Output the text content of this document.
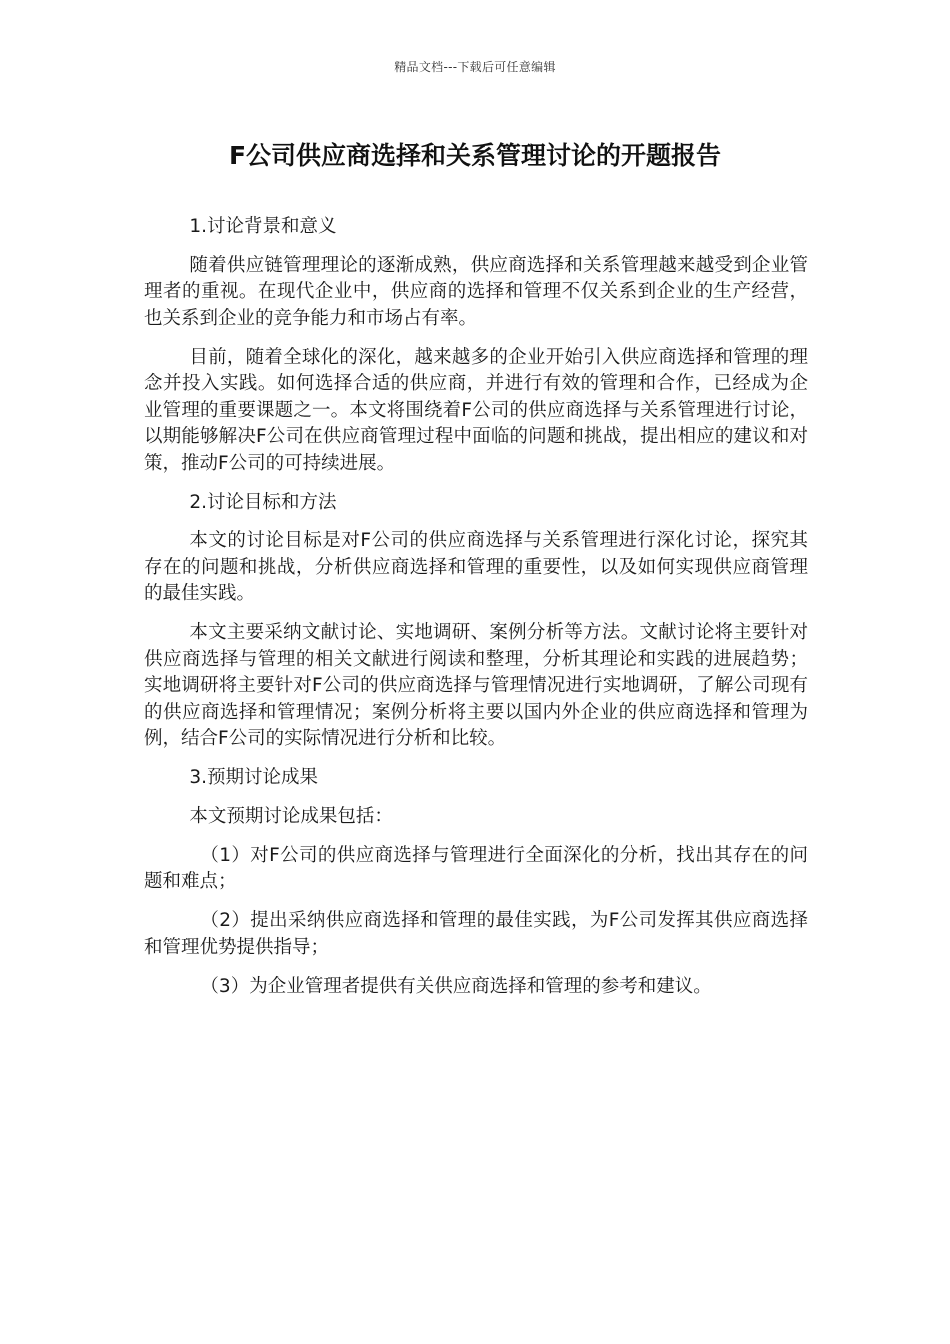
精品文档---下载后可任意编辑
F公司供应商选择和关系管理讨论的开题报告

1.讨论背景和意义

随着供应链管理理论的逐渐成熟，供应商选择和关系管理越来越受到企业管理者的重视。在现代企业中，供应商的选择和管理不仅关系到企业的生产经营，也关系到企业的竞争能力和市场占有率。

目前，随着全球化的深化，越来越多的企业开始引入供应商选择和管理的理念并投入实践。如何选择合适的供应商，并进行有效的管理和合作，已经成为企业管理的重要课题之一。本文将围绕着F公司的供应商选择与关系管理进行讨论，以期能够解决F公司在供应商管理过程中面临的问题和挑战，提出相应的建议和对策，推动F公司的可持续进展。

2.讨论目标和方法

本文的讨论目标是对F公司的供应商选择与关系管理进行深化讨论，探究其存在的问题和挑战，分析供应商选择和管理的重要性，以及如何实现供应商管理的最佳实践。

本文主要采纳文献讨论、实地调研、案例分析等方法。文献讨论将主要针对供应商选择与管理的相关文献进行阅读和整理，分析其理论和实践的进展趋势；实地调研将主要针对F公司的供应商选择与管理情况进行实地调研，了解公司现有的供应商选择和管理情况；案例分析将主要以国内外企业的供应商选择和管理为例，结合F公司的实际情况进行分析和比较。

3.预期讨论成果

本文预期讨论成果包括：

（1）对F公司的供应商选择与管理进行全面深化的分析，找出其存在的问题和难点；

（2）提出采纳供应商选择和管理的最佳实践，为F公司发挥其供应商选择和管理优势提供指导；

（3）为企业管理者提供有关供应商选择和管理的参考和建议。
